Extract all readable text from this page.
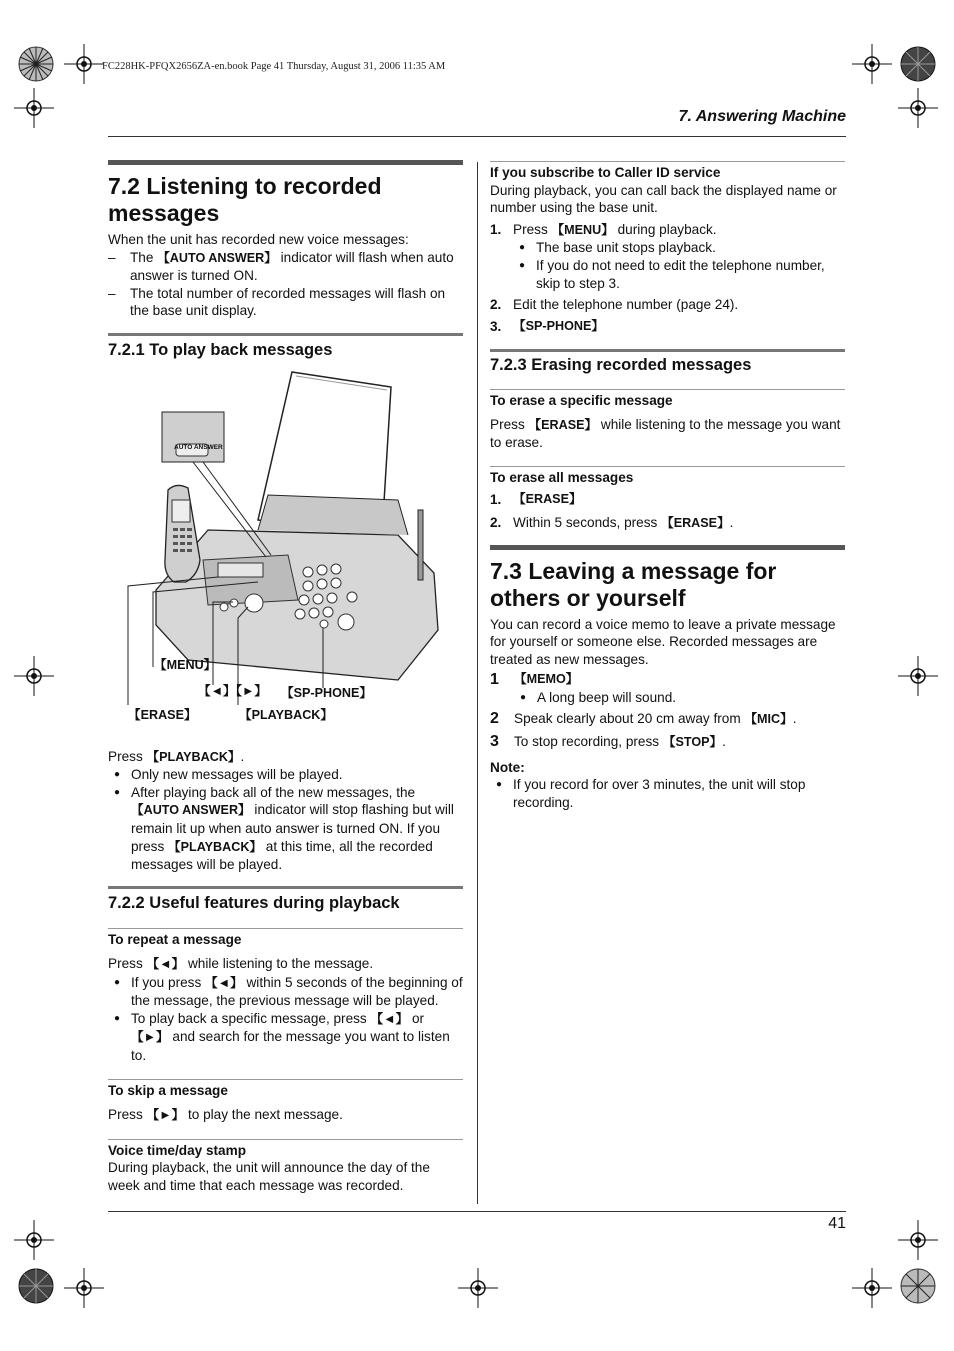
FC228HK-PFQX2656ZA-en.book Page 41 Thursday, August 31, 2006 11:35 AM
7. Answering Machine
7.2 Listening to recorded messages

When the unit has recorded new voice messages:

–	The 【AUTO ANSWER】 indicator will flash when auto answer is turned ON.
–	The total number of recorded messages will flash on the base unit display.
7.2.1 To play back messages
AUTO ANSWER
【MENU】
【◄】【►】 【SP-PHONE】
【ERASE】	【PLAYBACK】

Press 【PLAYBACK】.

● Only new messages will be played.
● After playing back all of the new messages, the 【AUTO ANSWER】 indicator will stop flashing but will remain lit up when auto answer is turned ON. If you press 【PLAYBACK】 at this time, all the recorded messages will be played.
7.2.2 Useful features during playback
To repeat a message

Press 【◄】 while listening to the message.

● If you press 【◄】 within 5 seconds of the beginning of the message, the previous message will be played.
● To play back a specific message, press 【◄】 or 【►】 and search for the message you want to listen to.
To skip a message

Press 【►】 to play the next message.

Voice time/day stamp

During playback, the unit will announce the day of the week and time that each message was recorded.

If you subscribe to Caller ID service

During playback, you can call back the displayed name or number using the base unit.

1. Press 【MENU】 during playback.
● The base unit stops playback.
● If you do not need to edit the telephone number, skip to step 3.
2. Edit the telephone number (page 24).
3. 【SP-PHONE】
7.2.3 Erasing recorded messages
To erase a specific message

Press 【ERASE】 while listening to the message you want to erase.

To erase all messages
1. 【ERASE】
2. Within 5 seconds, press 【ERASE】.
7.3 Leaving a message for others or yourself

You can record a voice memo to leave a private message for yourself or someone else. Recorded messages are treated as new messages.

1	【MEMO】
● A long beep will sound.
2	Speak clearly about 20 cm away from 【MIC】.
3	To stop recording, press 【STOP】.
Note:
● If you record for over 3 minutes, the unit will stop recording.
41
